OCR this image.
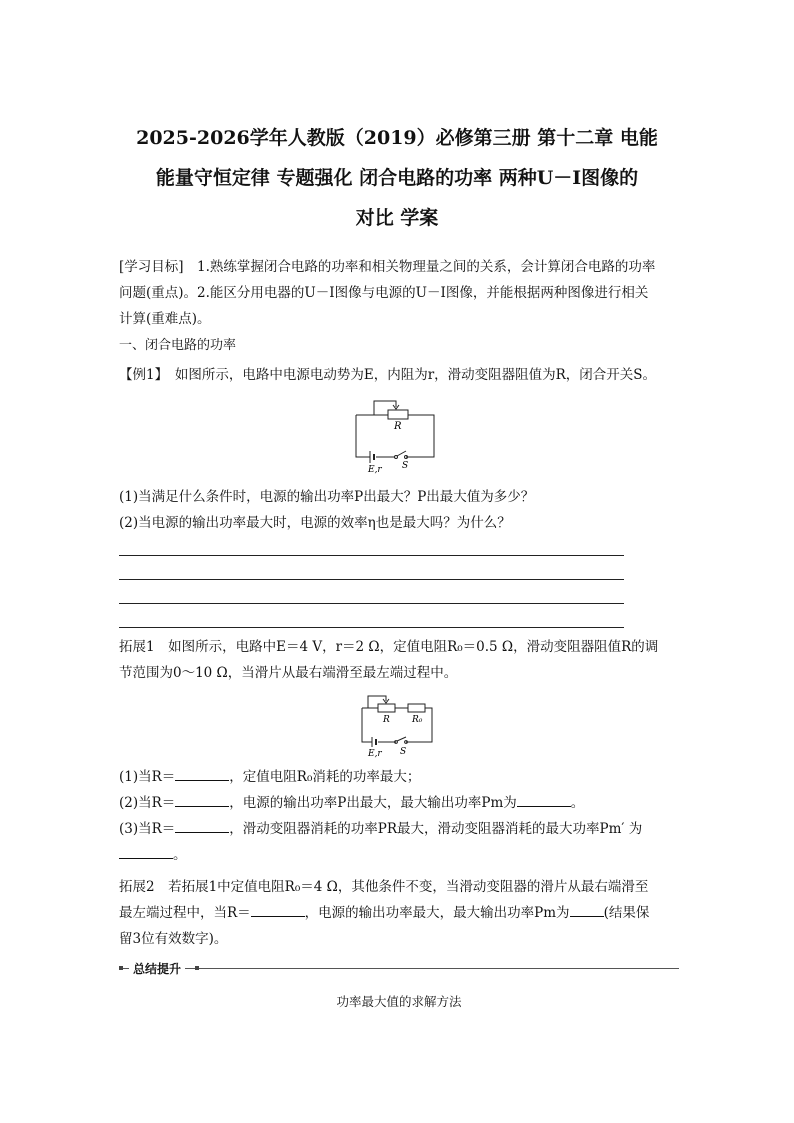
2025-2026学年人教版（2019）必修第三册 第十二章 电能
能量守恒定律 专题强化 闭合电路的功率 两种U－I图像的
对比 学案
[学习目标]　1.熟练掌握闭合电路的功率和相关物理量之间的关系，会计算闭合电路的功率
问题(重点)。2.能区分用电器的U－I图像与电源的U－I图像，并能根据两种图像进行相关
计算(重难点)。
一、闭合电路的功率
【例1】　如图所示，电路中电源电动势为E，内阻为r，滑动变阻器阻值为R，闭合开关S。
R
E,r S
(1)当满足什么条件时，电源的输出功率P出最大？P出最大值为多少？
(2)当电源的输出功率最大时，电源的效率η也是最大吗？为什么？
拓展1　如图所示，电路中E＝4 V，r＝2 Ω，定值电阻R₀＝0.5 Ω，滑动变阻器阻值R的调
节范围为0～10 Ω，当滑片从最右端滑至最左端过程中。
R R₀
E,r S
(1)当R＝	，定值电阻R₀消耗的功率最大；
(2)当R＝	，电源的输出功率P出最大，最大输出功率Pm为	。
(3)当R＝	，滑动变阻器消耗的功率PR最大，滑动变阻器消耗的最大功率Pm′ 为
。
拓展2　若拓展1中定值电阻R₀＝4 Ω，其他条件不变，当滑动变阻器的滑片从最右端滑至
最左端过程中，当R＝	，电源的输出功率最大，最大输出功率Pm为	(结果保
留3位有效数字)。
总结提升
功率最大值的求解方法
